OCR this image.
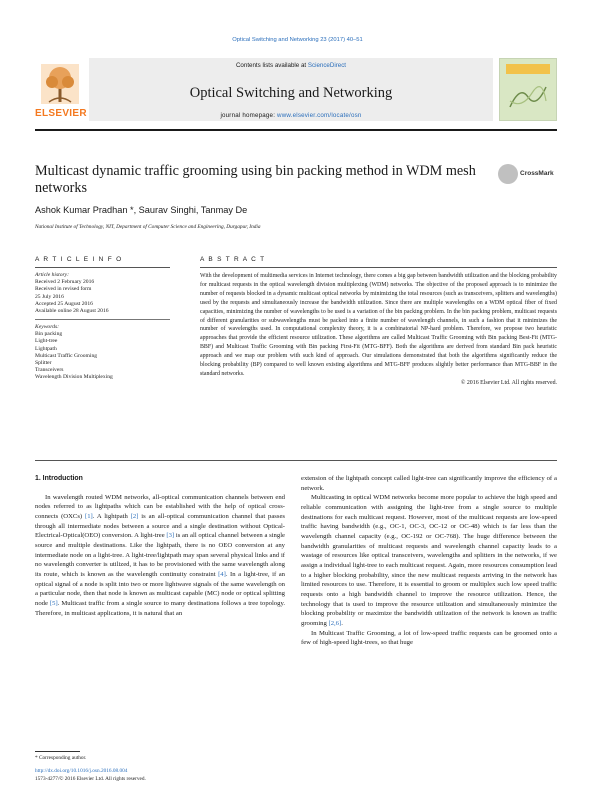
Optical Switching and Networking 23 (2017) 40–51
ELSEVIER
Contents lists available at ScienceDirect
Optical Switching and Networking
journal homepage: www.elsevier.com/locate/osn
Multicast dynamic traffic grooming using bin packing method in WDM mesh networks
CrossMark
Ashok Kumar Pradhan *, Saurav Singhi, Tanmay De
National Institute of Technology, NIT, Department of Computer Science and Engineering, Durgapur, India
A R T I C L E I N F O	A B S T R A C T
Article history:
Received 2 February 2016
Received in revised form
25 July 2016
Accepted 25 August 2016
Available online 28 August 2016
Keywords:
Bin packing
Light-tree
Lightpath
Multicast Traffic Grooming
Splitter
Transceivers
Wavelength Division Multiplexing
With the development of multimedia services in Internet technology, there comes a big gap between bandwidth utilization and the blocking probability for multicast requests in the optical wavelength division multiplexing (WDM) networks. The objective of the proposed approach is to minimize the number of requests blocked in a dynamic multicast optical networks by minimizing the total resources (such as transceivers, splitters and wavelengths) used by the requests and simultaneously increase the bandwidth utilization. Since there are multiple wavelengths on a WDM optical fiber of fixed capacities, minimizing the number of wavelengths to be used is a variation of the bin packing problem. In the bin packing problem, multicast requests of different granularities or subwavelengths must be packed into a finite number of wavelength channels, in such a fashion that it minimizes the number of wavelengths used. In computational complexity theory, it is a combinatorial NP-hard problem. Therefore, we propose two heuristic approaches that provide the efficient resource utilization. These algorithms are called Multicast Traffic Grooming with Bin packing Best-Fit (MTG-BBF) and Multicast Traffic Grooming with Bin packing First-Fit (MTG-BFF). Both the algorithms are derived from standard Bin pack heuristic approach and we map our problem with such kind of approach. Our simulations demonstrated that both the algorithms significantly reduce the blocking probability (BP) compared to well known existing algorithms and MTG-BFF produces slightly better performance than MTG-BBF in the standard networks.
© 2016 Elsevier Ltd. All rights reserved.
1. Introduction
In wavelength routed WDM networks, all-optical communication channels between end nodes referred to as lightpaths which can be established with the help of optical cross-connects (OXCs) [1]. A lightpath [2] is an all-optical communication channel that passes through all intermediate nodes between a source and a single destination without Optical-Electrical-Optical(OEO) conversion. A light-tree [3] is an all optical channel between a single source and multiple destinations. Like the lightpath, there is no OEO conversion at any intermediate node on a light-tree. A light-tree/lightpath may span several physical links and if no wavelength converter is utilized, it has to be provisioned with the same wavelength along its route, which is known as the wavelength continuity constraint [4]. In a light-tree, if an optical signal of a node is split into two or more lightwave signals of the same wavelength on a particular node, then that node is known as multicast capable (MC) node or optical splitting node [5]. Multicast traffic from a single source to many destinations follows a tree topology. Therefore, in multicast applications, it is natural that an
extension of the lightpath concept called light-tree can significantly improve the efficiency of a network.
Multicasting in optical WDM networks become more popular to achieve the high speed and reliable communication with assigning the light-tree from a single source to multiple destinations for each multicast request. However, most of the multicast requests are low-speed traffic having bandwidth (e.g., OC-1, OC-3, OC-12 or OC-48) which is far less than the wavelength channel capacity (e.g., OC-192 or OC-768). The huge difference between the bandwidth granularities of multicast requests and wavelength channel capacity leads to a wastage of resources like optical transceivers, wavelengths and splitters in the networks, if we assign a individual light-tree to each multicast request. Again, more resources consumption lead to a higher blocking probability, since the new multicast requests arriving in the network has limited resources to use. Therefore, it is essential to groom or multiplex such low speed traffic requests onto a high bandwidth channel to improve the resource utilization. Hence, the technology that is used to improve the resource utilization and simultaneously minimize the blocking probability or maximize the bandwidth utilization of the network is known as traffic grooming [2,6].
In Multicast Traffic Grooming, a lot of low-speed traffic requests can be groomed onto a few of high-speed light-trees, so that huge
* Corresponding author.
http://dx.doi.org/10.1016/j.osn.2016.08.004
1573-4277/© 2016 Elsevier Ltd. All rights reserved.
